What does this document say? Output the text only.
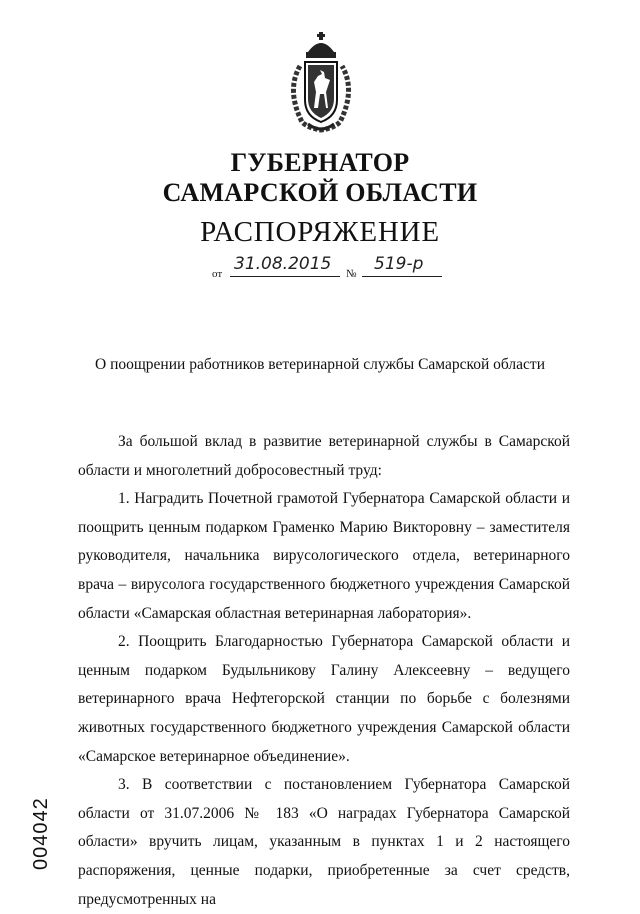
ГУБЕРНАТОР
САМАРСКОЙ ОБЛАСТИ
РАСПОРЯЖЕНИЕ
от 31.08.2015 № 519-р
О поощрении работников ветеринарной службы Самарской области

За большой вклад в развитие ветеринарной службы в Самарской области и многолетний добросовестный труд:

1. Наградить Почетной грамотой Губернатора Самарской области и поощрить ценным подарком Граменко Марию Викторовну – заместителя руководителя, начальника вирусологического отдела, ветеринарного врача – вирусолога государственного бюджетного учреждения Самарской области «Самарская областная ветеринарная лаборатория».

2. Поощрить Благодарностью Губернатора Самарской области и ценным подарком Будыльникову Галину Алексеевну – ведущего ветеринарного врача Нефтегорской станции по борьбе с болезнями животных государственного бюджетного учреждения Самарской области «Самарское ветеринарное объединение».

3. В соответствии с постановлением Губернатора Самарской области от 31.07.2006 № 183 «О наградах Губернатора Самарской области» вручить лицам, указанным в пунктах 1 и 2 настоящего распоряжения, ценные подарки, приобретенные за счет средств, предусмотренных на

004042
